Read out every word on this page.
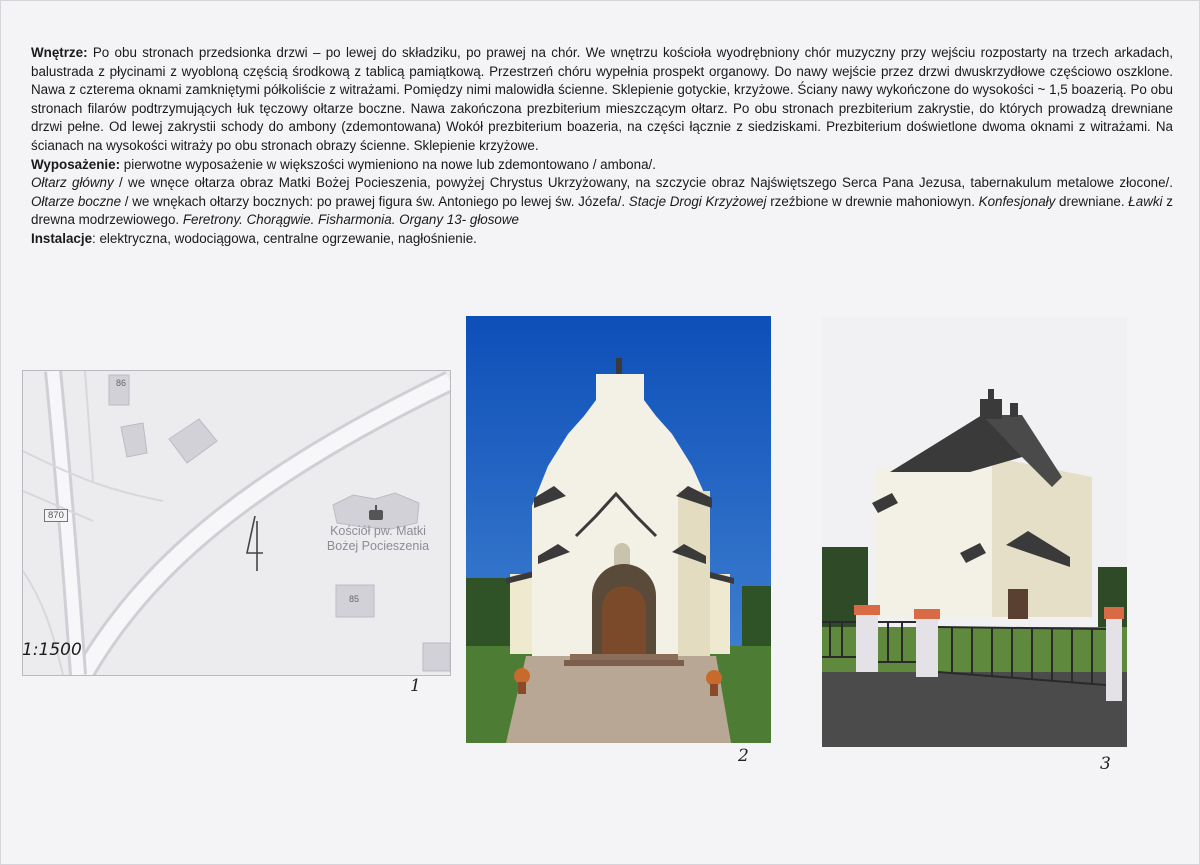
Wnętrze: Po obu stronach przedsionka drzwi – po lewej do składziku, po prawej na chór. We wnętrzu kościoła wyodrębniony chór muzyczny przy wejściu rozpostarty na trzech arkadach, balustrada z płycinami z wyobloną częścią środkową z tablicą pamiątkową. Przestrzeń chóru wypełnia prospekt organowy. Do nawy wejście przez drzwi dwuskrzydłowe częściowo oszklone. Nawa z czterema oknami zamkniętymi półkoliście z witrażami. Pomiędzy nimi malowidła ścienne. Sklepienie gotyckie, krzyżowe. Ściany nawy wykończone do wysokości ~ 1,5 boazerią. Po obu stronach filarów podtrzymujących łuk tęczowy ołtarze boczne. Nawa zakończona prezbiterium mieszczącym ołtarz. Po obu stronach prezbiterium zakrystie, do których prowadzą drewniane drzwi pełne. Od lewej zakrystii schody do ambony (zdemontowana) Wokół prezbiterium boazeria, na części łącznie z siedziskami. Prezbiterium doświetlone dwoma oknami z witrażami. Na ścianach na wysokości witraży po obu stronach obrazy ścienne. Sklepienie krzyżowe.

Wyposażenie: pierwotne wyposażenie w większości wymieniono na nowe lub zdemontowano / ambona/.

Ołtarz główny / we wnęce ołtarza obraz Matki Bożej Pocieszenia, powyżej Chrystus Ukrzyżowany, na szczycie obraz Najświętszego Serca Pana Jezusa, tabernakulum metalowe złocone/. Ołtarze boczne / we wnękach ołtarzy bocznych: po prawej figura św. Antoniego po lewej św. Józefa/. Stacje Drogi Krzyżowej rzeźbione w drewnie mahoniowyn. Konfesjonały drewniane. Ławki z drewna modrzewiowego. Feretrony. Chorągwie. Fisharmonia. Organy 13- głosowe

Instalacje: elektryczna, wodociągowa, centralne ogrzewanie, nagłośnienie.

870
86
85
Kościół pw. Matki
Bożej Pocieszenia
1:1500
1
2	3
